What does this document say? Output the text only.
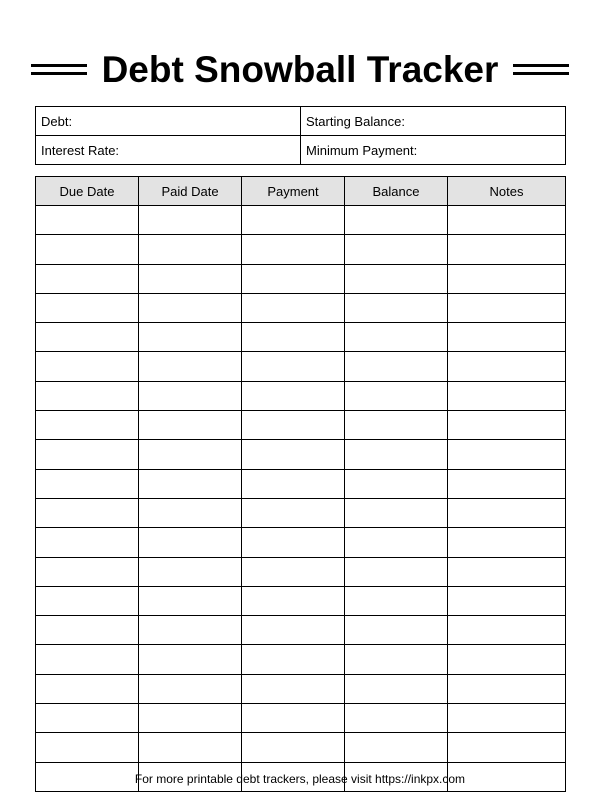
Debt Snowball Tracker
Debt:	Starting Balance:
Interest Rate:	Minimum Payment:
Due Date	Paid Date	Payment	Balance	Notes

For more printable debt trackers, please visit https://inkpx.com
